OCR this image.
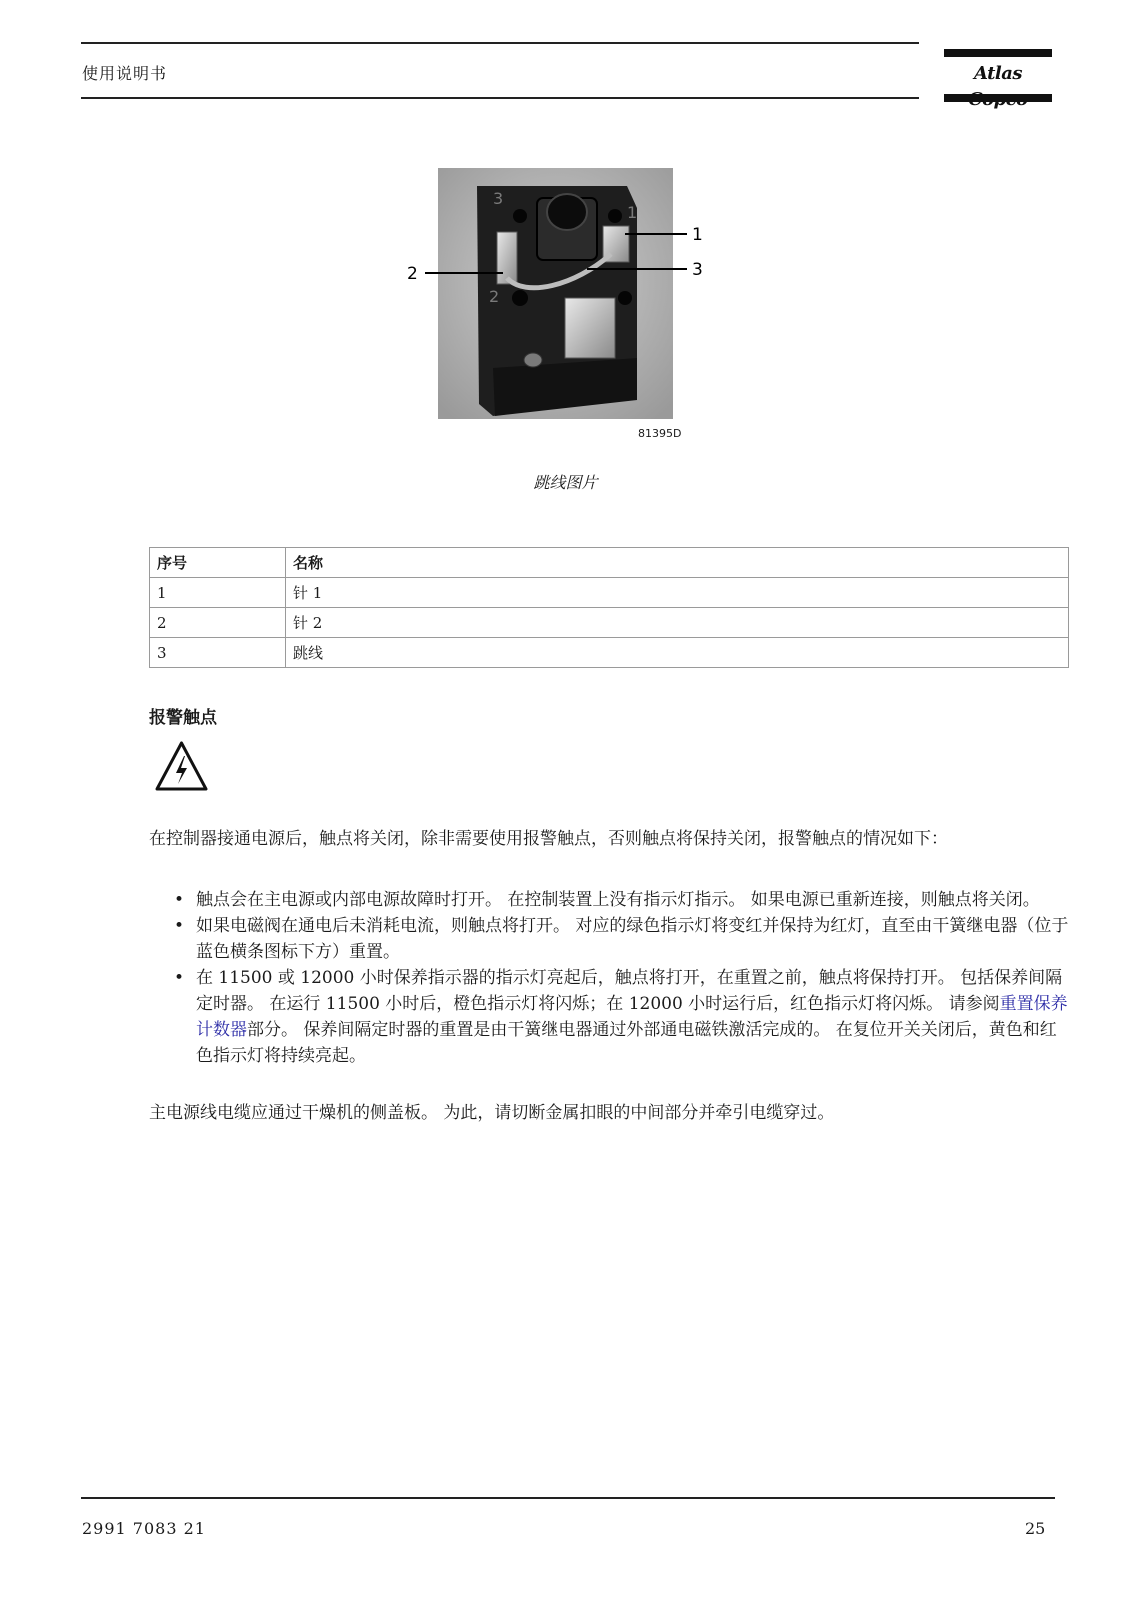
使用说明书	Atlas
3
1
2
1
2	3
81395D
跳线图片
序号	名称
1	针 1
2	针 2
3	跳线
报警触点
在控制器接通电源后，触点将关闭，除非需要使用报警触点，否则触点将保持关闭，报警触点的情况如下：
• 触点会在主电源或内部电源故障时打开。 在控制装置上没有指示灯指示。 如果电源已重新连接，则触点将关闭。
• 如果电磁阀在通电后未消耗电流，则触点将打开。 对应的绿色指示灯将变红并保持为红灯，直至由干簧继电器（位于蓝色横条图标下方）重置。
• 在 11500 或 12000 小时保养指示器的指示灯亮起后，触点将打开，在重置之前，触点将保持打开。 包括保养间隔定时器。 在运行 11500 小时后，橙色指示灯将闪烁；在 12000 小时运行后，红色指示灯将闪烁。 请参阅重置保养计数器部分。 保养间隔定时器的重置是由干簧继电器通过外部通电磁铁激活完成的。 在复位开关关闭后，黄色和红色指示灯将持续亮起。
主电源线电缆应通过干燥机的侧盖板。 为此，请切断金属扣眼的中间部分并牵引电缆穿过。
2991 7083 21	25
